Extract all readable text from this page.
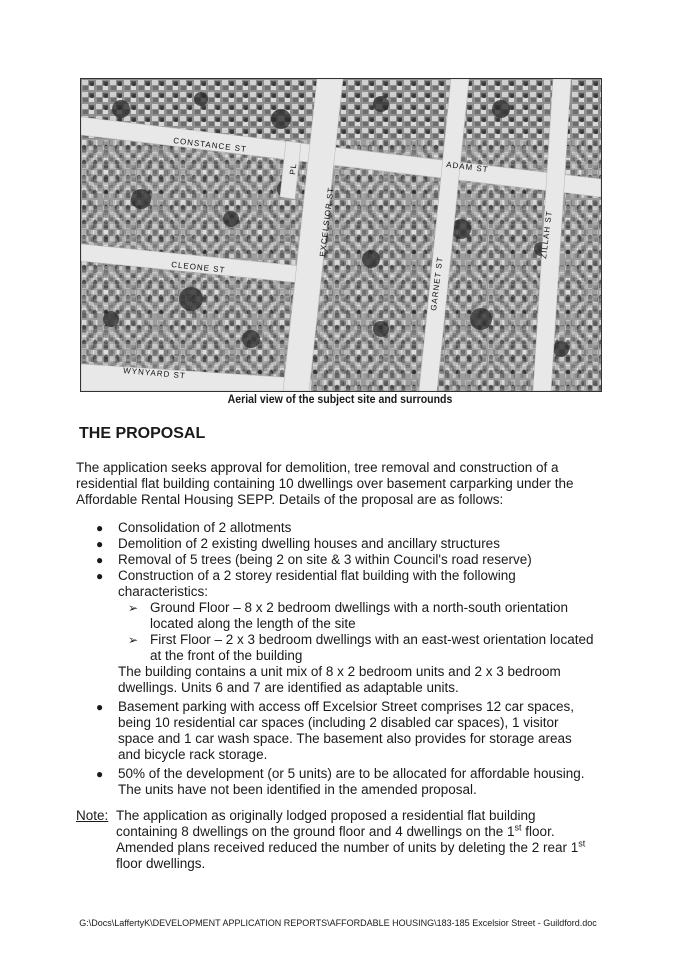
CONSTANCE ST
ADAM ST
CLEONE ST
WYNYARD ST
EXCELSIOR ST
GARNET ST
ZILLAH ST
PL
Aerial view of the subject site and surrounds
THE PROPOSAL
The application seeks approval for demolition, tree removal and construction of a residential flat building containing 10 dwellings over basement carparking under the Affordable Rental Housing SEPP. Details of the proposal are as follows:
● Consolidation of 2 allotments
● Demolition of 2 existing dwelling houses and ancillary structures
● Removal of 5 trees (being 2 on site & 3 within Council's road reserve)
● Construction of a 2 storey residential flat building with the following characteristics:
➢ Ground Floor – 8 x 2 bedroom dwellings with a north-south orientation located along the length of the site
➢ First Floor – 2 x 3 bedroom dwellings with an east-west orientation located at the front of the building
The building contains a unit mix of 8 x 2 bedroom units and 2 x 3 bedroom dwellings. Units 6 and 7 are identified as adaptable units.
● Basement parking with access off Excelsior Street comprises 12 car spaces, being 10 residential car spaces (including 2 disabled car spaces), 1 visitor space and 1 car wash space. The basement also provides for storage areas and bicycle rack storage.
● 50% of the development (or 5 units) are to be allocated for affordable housing. The units have not been identified in the amended proposal.
Note: The application as originally lodged proposed a residential flat building containing 8 dwellings on the ground floor and 4 dwellings on the 1st floor. Amended plans received reduced the number of units by deleting the 2 rear 1st floor dwellings.
G:\Docs\LaffertyK\DEVELOPMENT APPLICATION REPORTS\AFFORDABLE HOUSING\183-185 Excelsior Street - Guildford.doc
